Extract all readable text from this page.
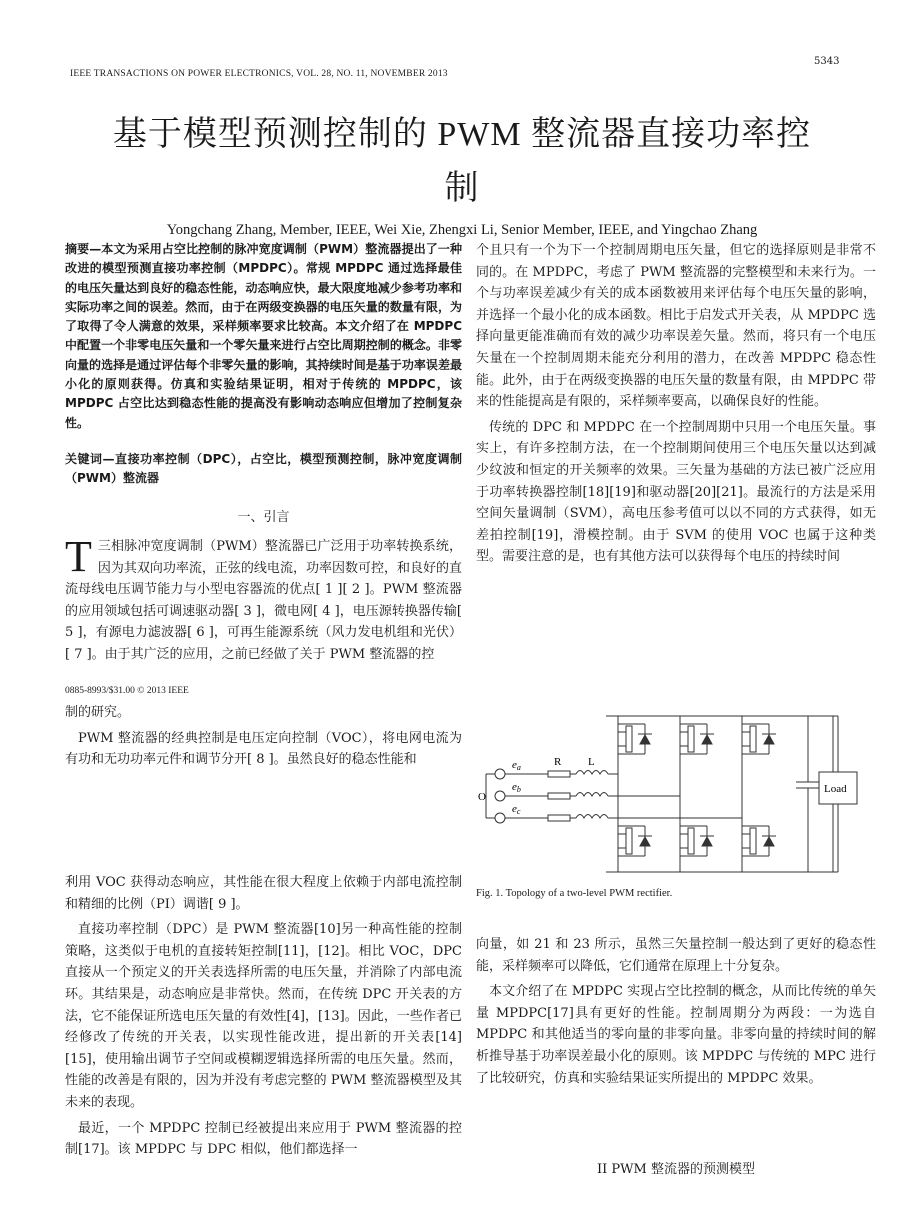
5343
IEEE TRANSACTIONS ON POWER ELECTRONICS, VOL. 28, NO. 11, NOVEMBER 2013
基于模型预测控制的 PWM 整流器直接功率控
制
Yongchang Zhang, Member, IEEE, Wei Xie, Zhengxi Li, Senior Member, IEEE, and Yingchao Zhang
摘要—本文为采用占空比控制的脉冲宽度调制（PWM）整流器提出了一种改进的模型预测直接功率控制（MPDPC）。常规 MPDPC 通过选择最佳的电压矢量达到良好的稳态性能，动态响应快，最大限度地减少参考功率和实际功率之间的误差。然而，由于在两级变换器的电压矢量的数量有限，为了取得了令人满意的效果，采样频率要求比较高。本文介绍了在 MPDPC 中配置一个非零电压矢量和一个零矢量来进行占空比周期控制的概念。非零向量的选择是通过评估每个非零矢量的影响，其持续时间是基于功率误差最小化的原则获得。仿真和实验结果证明，相对于传统的 MPDPC，该 MPDPC 占空比达到稳态性能的提高没有影响动态响应但增加了控制复杂性。
关键词—直接功率控制（DPC），占空比，模型预测控制，脉冲宽度调制（PWM）整流器
一、引言

T三相脉冲宽度调制（PWM）整流器已广泛用于功率转换系统，因为其双向功率流，正弦的线电流，功率因数可控，和良好的直流母线电压调节能力与小型电容器流的优点[ 1 ][ 2 ]。PWM 整流器的应用领域包括可调速驱动器[ 3 ]，微电网[ 4 ]，电压源转换器传输[ 5 ]，有源电力滤波器[ 6 ]，可再生能源系统（风力发电机组和光伏）[ 7 ]。由于其广泛的应用，之前已经做了关于 PWM 整流器的控

0885-8993/$31.00 © 2013 IEEE

制的研究。

PWM 整流器的经典控制是电压定向控制（VOC），将电网电流为有功和无功功率元件和调节分开[ 8 ]。虽然良好的稳态性能和

利用 VOC 获得动态响应，其性能在很大程度上依赖于内部电流控制和精细的比例（PI）调谐[ 9 ]。

直接功率控制（DPC）是 PWM 整流器[10]另一种高性能的控制策略，这类似于电机的直接转矩控制[11]，[12]。相比 VOC，DPC 直接从一个预定义的开关表选择所需的电压矢量，并消除了内部电流环。其结果是，动态响应是非常快。然而，在传统 DPC 开关表的方法，它不能保证所选电压矢量的有效性[4]，[13]。因此，一些作者已经修改了传统的开关表，以实现性能改进，提出新的开关表[14][15]，使用输出调节子空间或模糊逻辑选择所需的电压矢量。然而，性能的改善是有限的，因为并没有考虑完整的 PWM 整流器模型及其未来的表现。

最近，一个 MPDPC 控制已经被提出来应用于 PWM 整流器的控制[17]。该 MPDPC 与 DPC 相似，他们都选择一

个且只有一个为下一个控制周期电压矢量，但它的选择原则是非常不同的。在 MPDPC，考虑了 PWM 整流器的完整模型和未来行为。一个与功率误差减少有关的成本函数被用来评估每个电压矢量的影响，并选择一个最小化的成本函数。相比于启发式开关表，从 MPDPC 选择向量更能准确而有效的减少功率误差矢量。然而，将只有一个电压矢量在一个控制周期未能充分利用的潜力，在改善 MPDPC 稳态性能。此外，由于在两级变换器的电压矢量的数量有限，由 MPDPC 带来的性能提高是有限的，采样频率要高，以确保良好的性能。

传统的 DPC 和 MPDPC 在一个控制周期中只用一个电压矢量。事实上，有许多控制方法，在一个控制期间使用三个电压矢量以达到减少纹波和恒定的开关频率的效果。三矢量为基础的方法已被广泛应用于功率转换器控制[18][19]和驱动器[20][21]。最流行的方法是采用空间矢量调制（SVM），高电压参考值可以以不同的方式获得，如无差拍控制[19]，滑模控制。由于 SVM 的使用 VOC 也属于这种类型。需要注意的是，也有其他方法可以获得每个电压的持续时间

ea
eb
ec
R L
O
Load
Fig. 1. Topology of a two-level PWM rectifier.

向量，如 21 和 23 所示，虽然三矢量控制一般达到了更好的稳态性能，采样频率可以降低，它们通常在原理上十分复杂。

本文介绍了在 MPDPC 实现占空比控制的概念，从而比传统的单矢量 MPDPC[17]具有更好的性能。控制周期分为两段：一为选自 MPDPC 和其他适当的零向量的非零向量。非零向量的持续时间的解析推导基于功率误差最小化的原则。该 MPDPC 与传统的 MPC 进行了比较研究，仿真和实验结果证实所提出的 MPDPC 效果。

II PWM 整流器的预测模型
